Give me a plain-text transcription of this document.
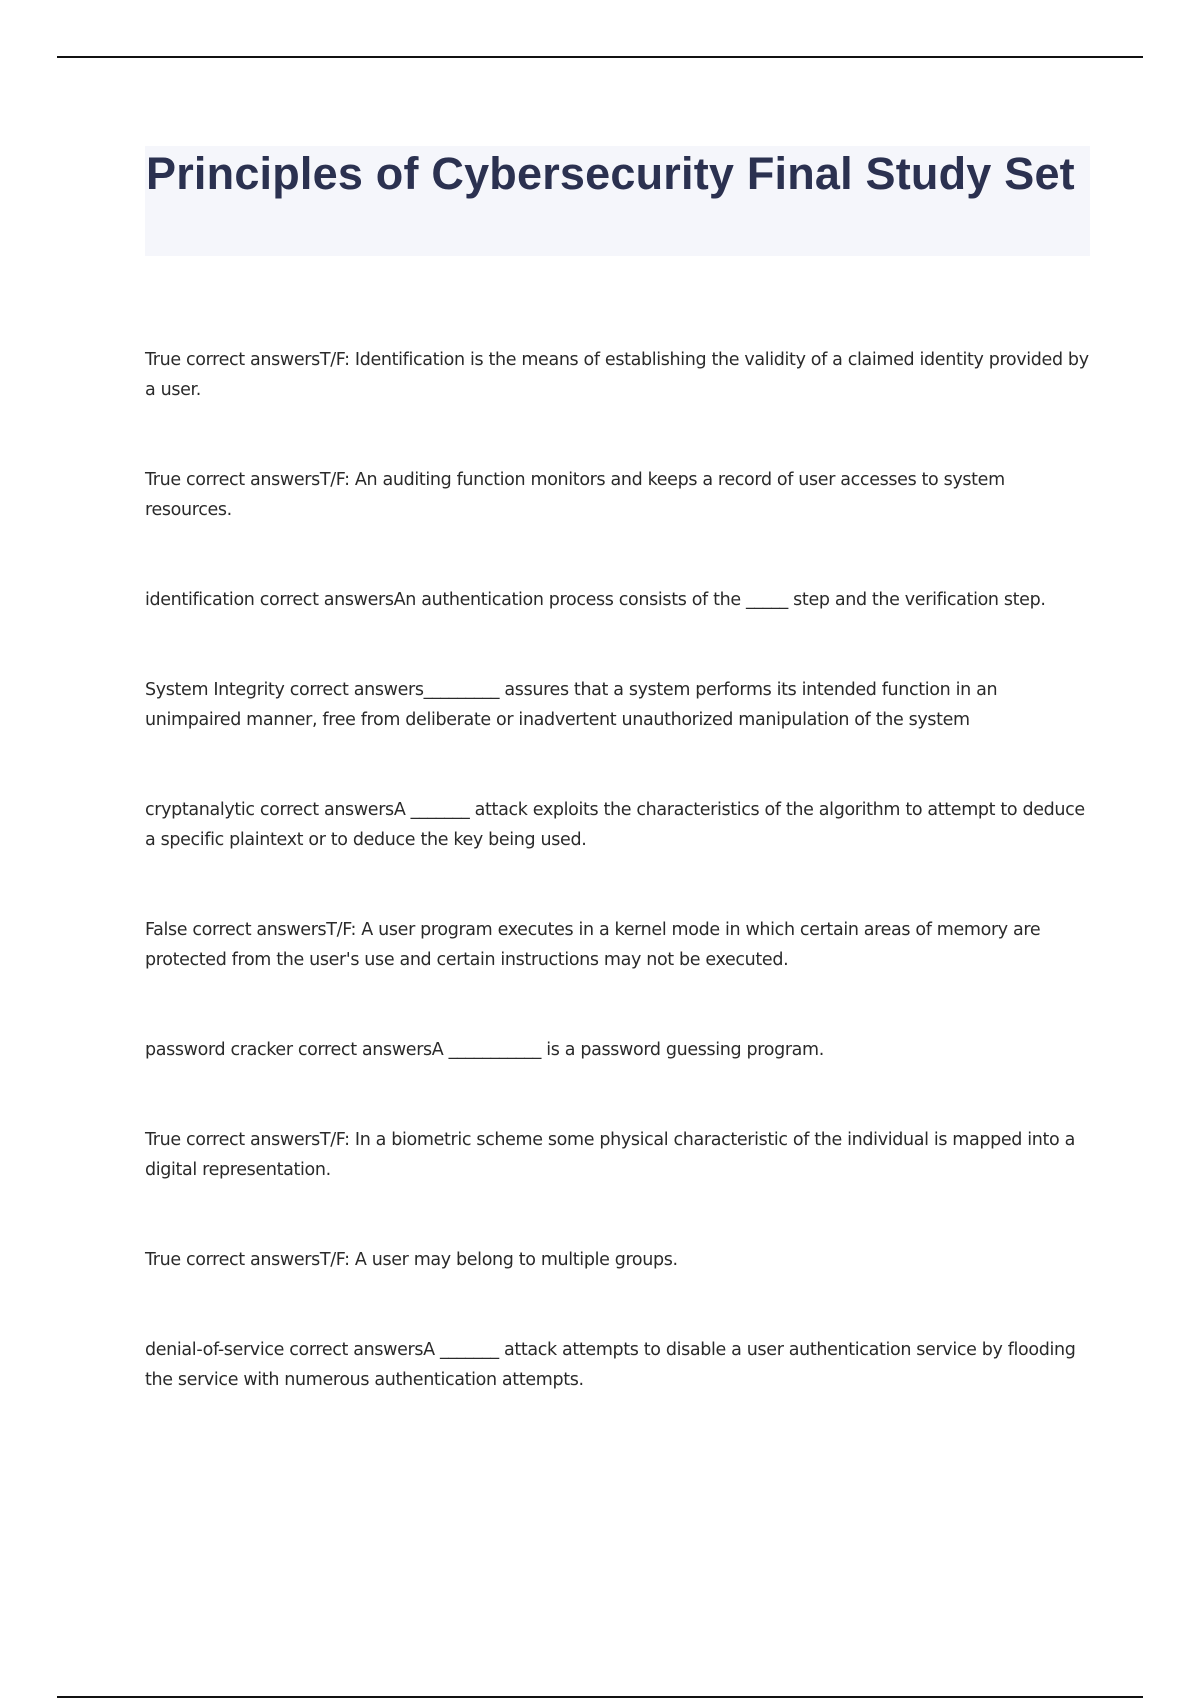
Principles of Cybersecurity Final Study Set

True correct answersT/F: Identification is the means of establishing the validity of a claimed identity provided by a user.

True correct answersT/F: An auditing function monitors and keeps a record of user accesses to system resources.

identification correct answersAn authentication process consists of the _____ step and the verification step.

System Integrity correct answers_________ assures that a system performs its intended function in an unimpaired manner, free from deliberate or inadvertent unauthorized manipulation of the system

cryptanalytic correct answersA _______ attack exploits the characteristics of the algorithm to attempt to deduce a specific plaintext or to deduce the key being used.

False correct answersT/F: A user program executes in a kernel mode in which certain areas of memory are protected from the user's use and certain instructions may not be executed.

password cracker correct answersA ___________ is a password guessing program.

True correct answersT/F: In a biometric scheme some physical characteristic of the individual is mapped into a digital representation.

True correct answersT/F: A user may belong to multiple groups.

denial-of-service correct answersA _______ attack attempts to disable a user authentication service by flooding the service with numerous authentication attempts.
